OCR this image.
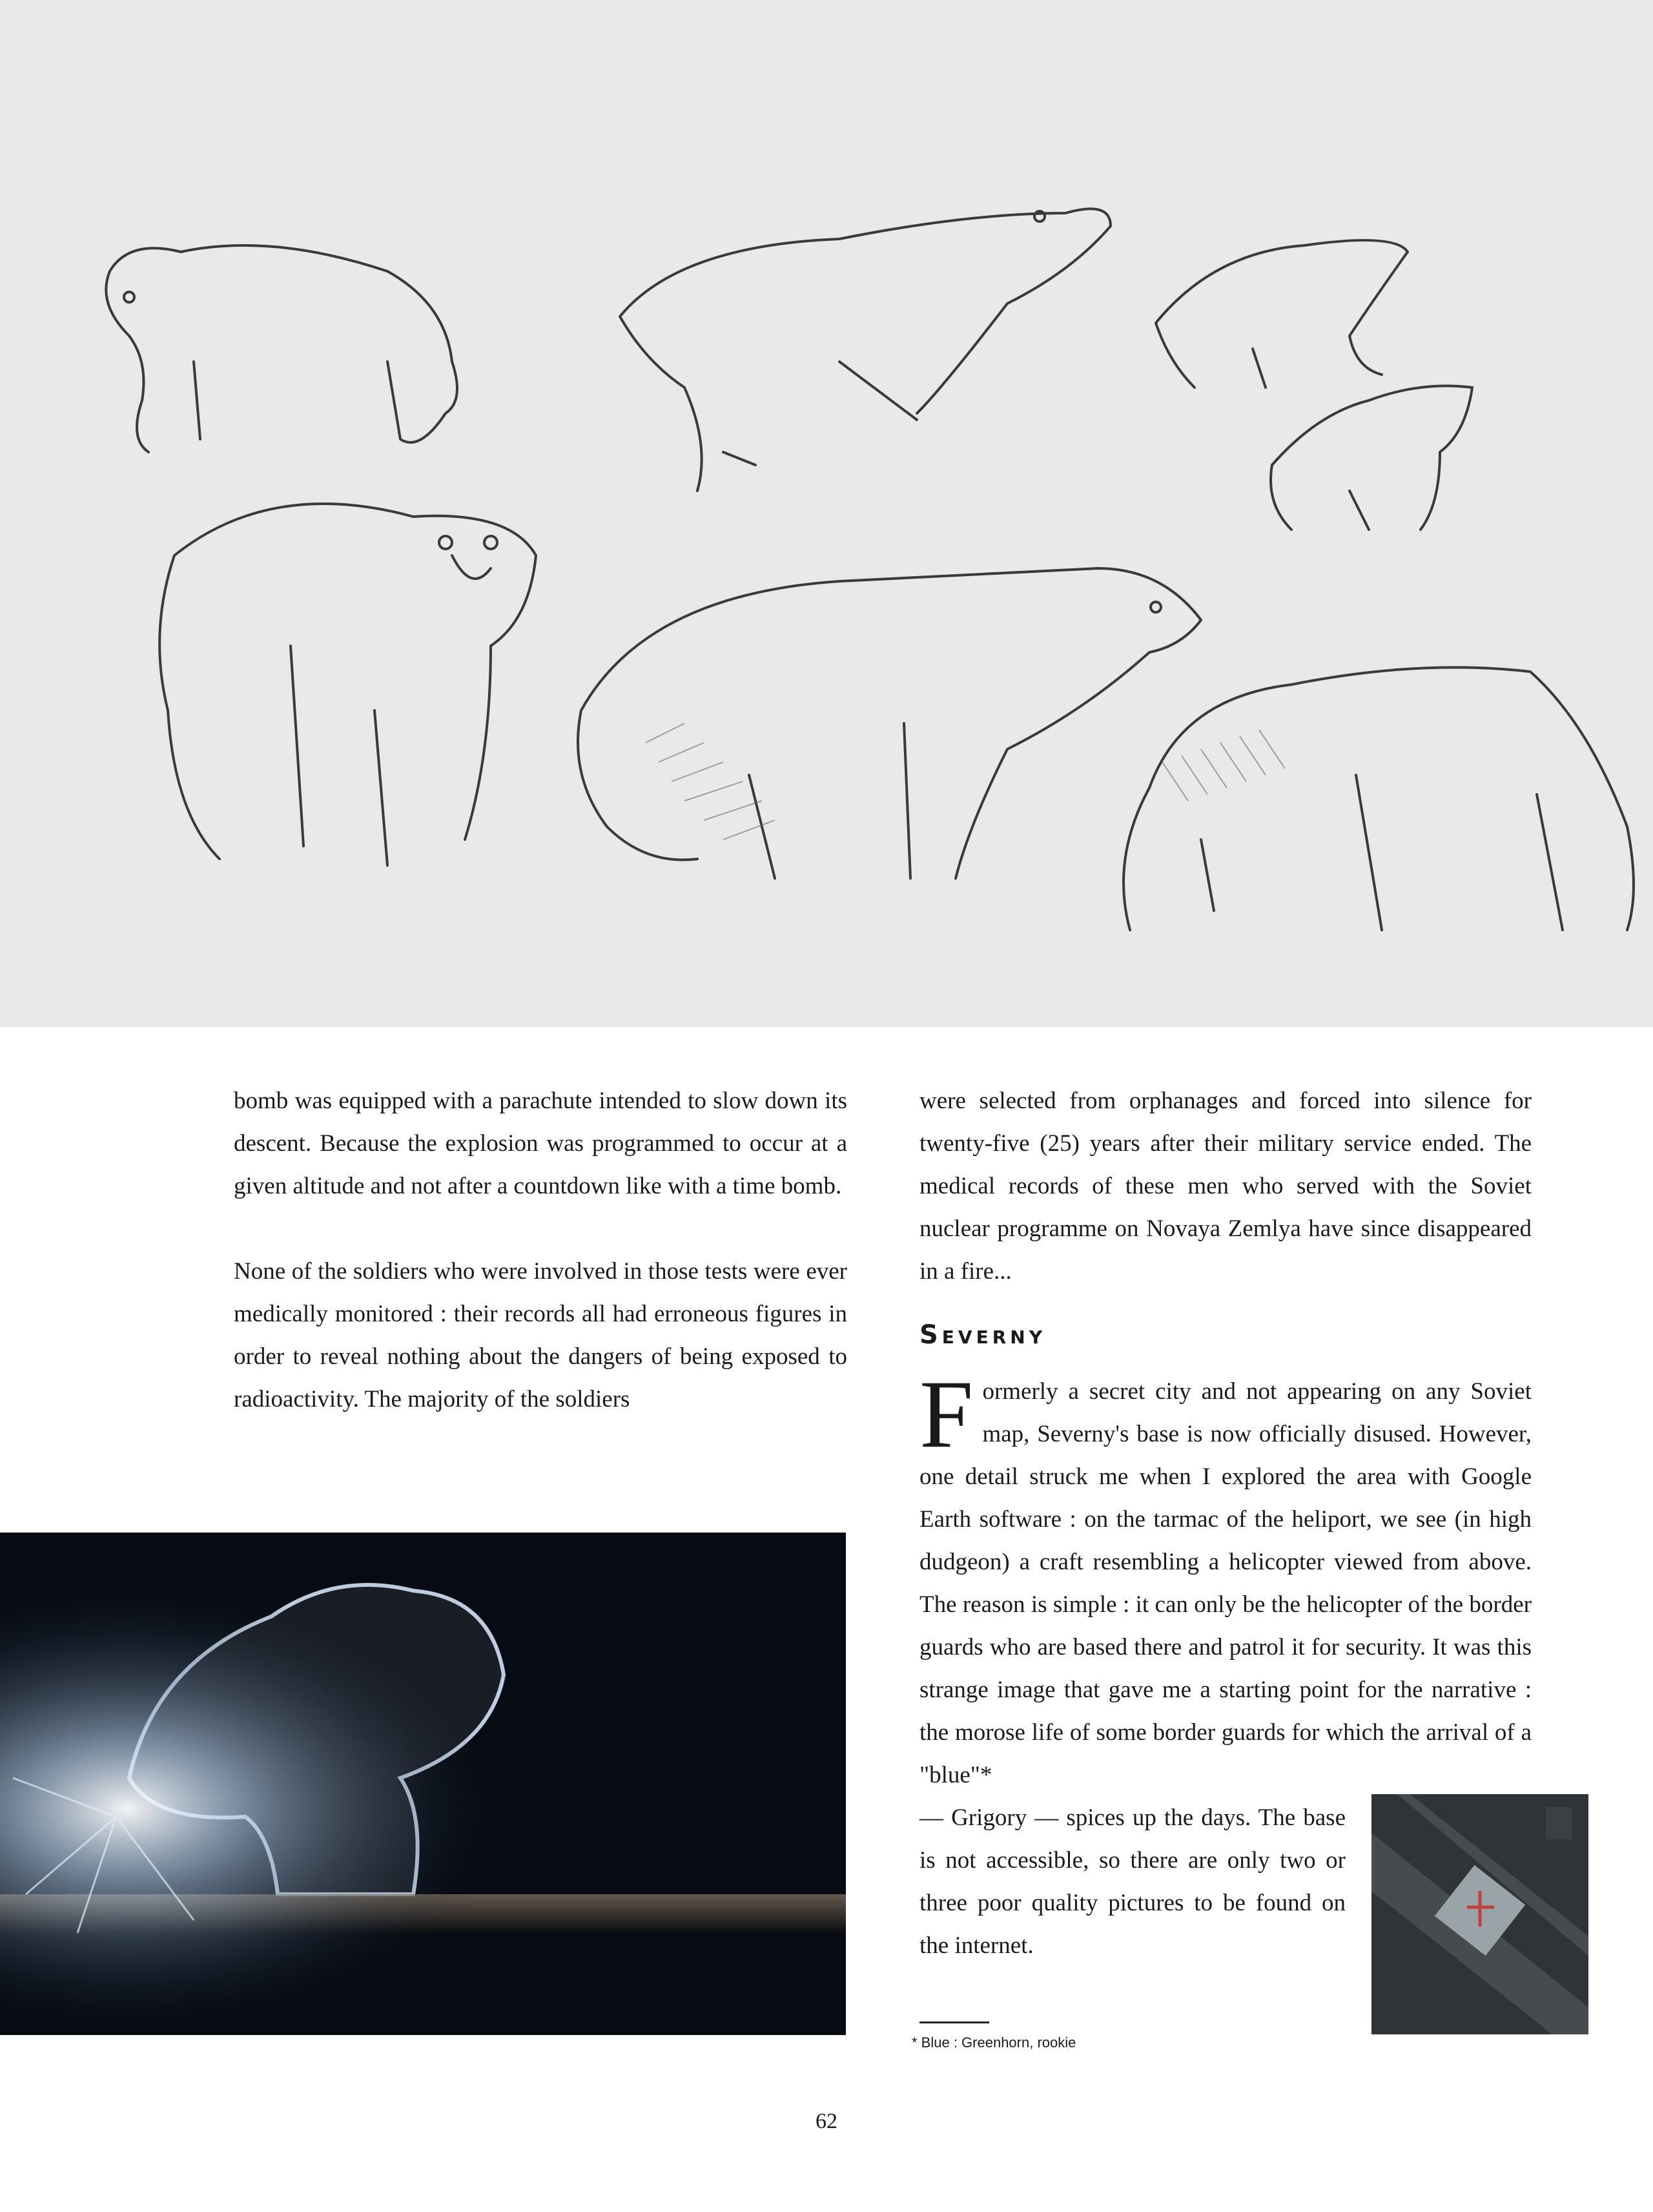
bomb was equipped with a parachute intended to slow down its descent. Because the explosion was programmed to occur at a given altitude and not after a countdown like with a time bomb.

None of the soldiers who were involved in those tests were ever medically monitored : their records all had erroneous figures in order to reveal nothing about the dangers of being exposed to radioactivity. The majority of the soldiers

were selected from orphanages and forced into silence for twenty-five (25) years after their military service ended. The medical records of these men who served with the Soviet nuclear programme on Novaya Zemlya have since disappeared in a fire...

Severny

Formerly a secret city and not appearing on any Soviet map, Severny's base is now officially disused. However, one detail struck me when I explored the area with Google Earth software : on the tarmac of the heliport, we see (in high dudgeon) a craft resembling a helicopter viewed from above. The reason is simple : it can only be the helicopter of the border guards who are based there and patrol it for security. It was this strange image that gave me a starting point for the narrative : the morose life of some border guards for which the arrival of a "blue"*

— Grigory — spices up the days. The base is not accessible, so there are only two or three poor quality pictures to be found on the internet.

* Blue : Greenhorn, rookie
62
